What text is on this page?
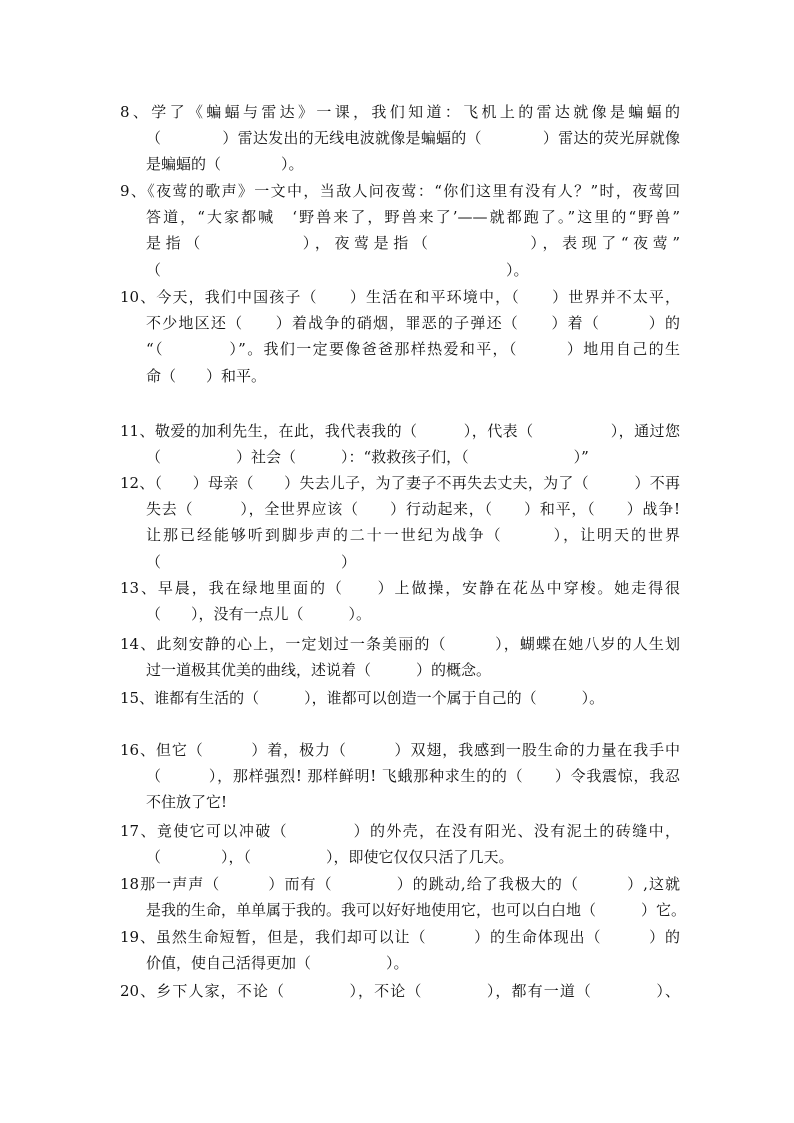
8、学了《蝙蝠与雷达》一课，我们知道：飞机上的雷达就像是蝙蝠的
（　　　　）雷达发出的无线电波就像是蝙蝠的（　　　　）雷达的荧光屏就像
是蝙蝠的（　　　　）。
9、《夜莺的歌声》一文中，当敌人问夜莺：“你们这里有没有人？”时，夜莺回
答道，“大家都喊　‘野兽来了，野兽来了’——就都跑了。”这里的“野兽”
是指（　　　　　），夜莺是指（　　　　　），表现了“夜莺”
（　　　　　　　　　　　　　　　　　　　　　　　）。
10、今天，我们中国孩子（　　）生活在和平环境中，（　　）世界并不太平，
不少地区还（　　）着战争的硝烟，罪恶的子弹还（　　）着（　　　）的
“（　　　　）”。我们一定要像爸爸那样热爱和平，（　　　）地用自己的生
命（　　）和平。
11、敬爱的加利先生，在此，我代表我的（　　　），代表（　　　　　），通过您
（　　　　　）社会（　　　）：“救救孩子们，（　　　　　　　）”
12、（　　）母亲（　　）失去儿子，为了妻子不再失去丈夫，为了（　　　）不再
失去（　　　），全世界应该（　　）行动起来，（　　）和平，（　　）战争!
让那已经能够听到脚步声的二十一世纪为战争（　　　），让明天的世界
（　　　　　　　　　　　　）
13、早晨，我在绿地里面的（　　）上做操，安静在花丛中穿梭。她走得很
（　　），没有一点儿（　　　）。
14、此刻安静的心上，一定划过一条美丽的（　　　），蝴蝶在她八岁的人生划
过一道极其优美的曲线，述说着（　　　）的概念。
15、谁都有生活的（　　　），谁都可以创造一个属于自己的（　　　）。
16、但它（　　　）着，极力（　　　）双翅，我感到一股生命的力量在我手中
（　　　），那样强烈! 那样鲜明! 飞蛾那种求生的的（　　）令我震惊，我忍
不住放了它!
17、竟使它可以冲破（　　　　）的外壳，在没有阳光、没有泥土的砖缝中，
（　　　　），（　　　　　），即使它仅仅只活了几天。
18那一声声（　　　）而有（　　　　）的跳动,给了我极大的（　　　）,这就
是我的生命，单单属于我的。我可以好好地使用它，也可以白白地（　　　）它。
19、虽然生命短暂，但是，我们却可以让（　　　）的生命体现出（　　　）的
价值，使自己活得更加（　　　　　）。
20、乡下人家，不论（　　　　），不论（　　　　），都有一道（　　　　）、
